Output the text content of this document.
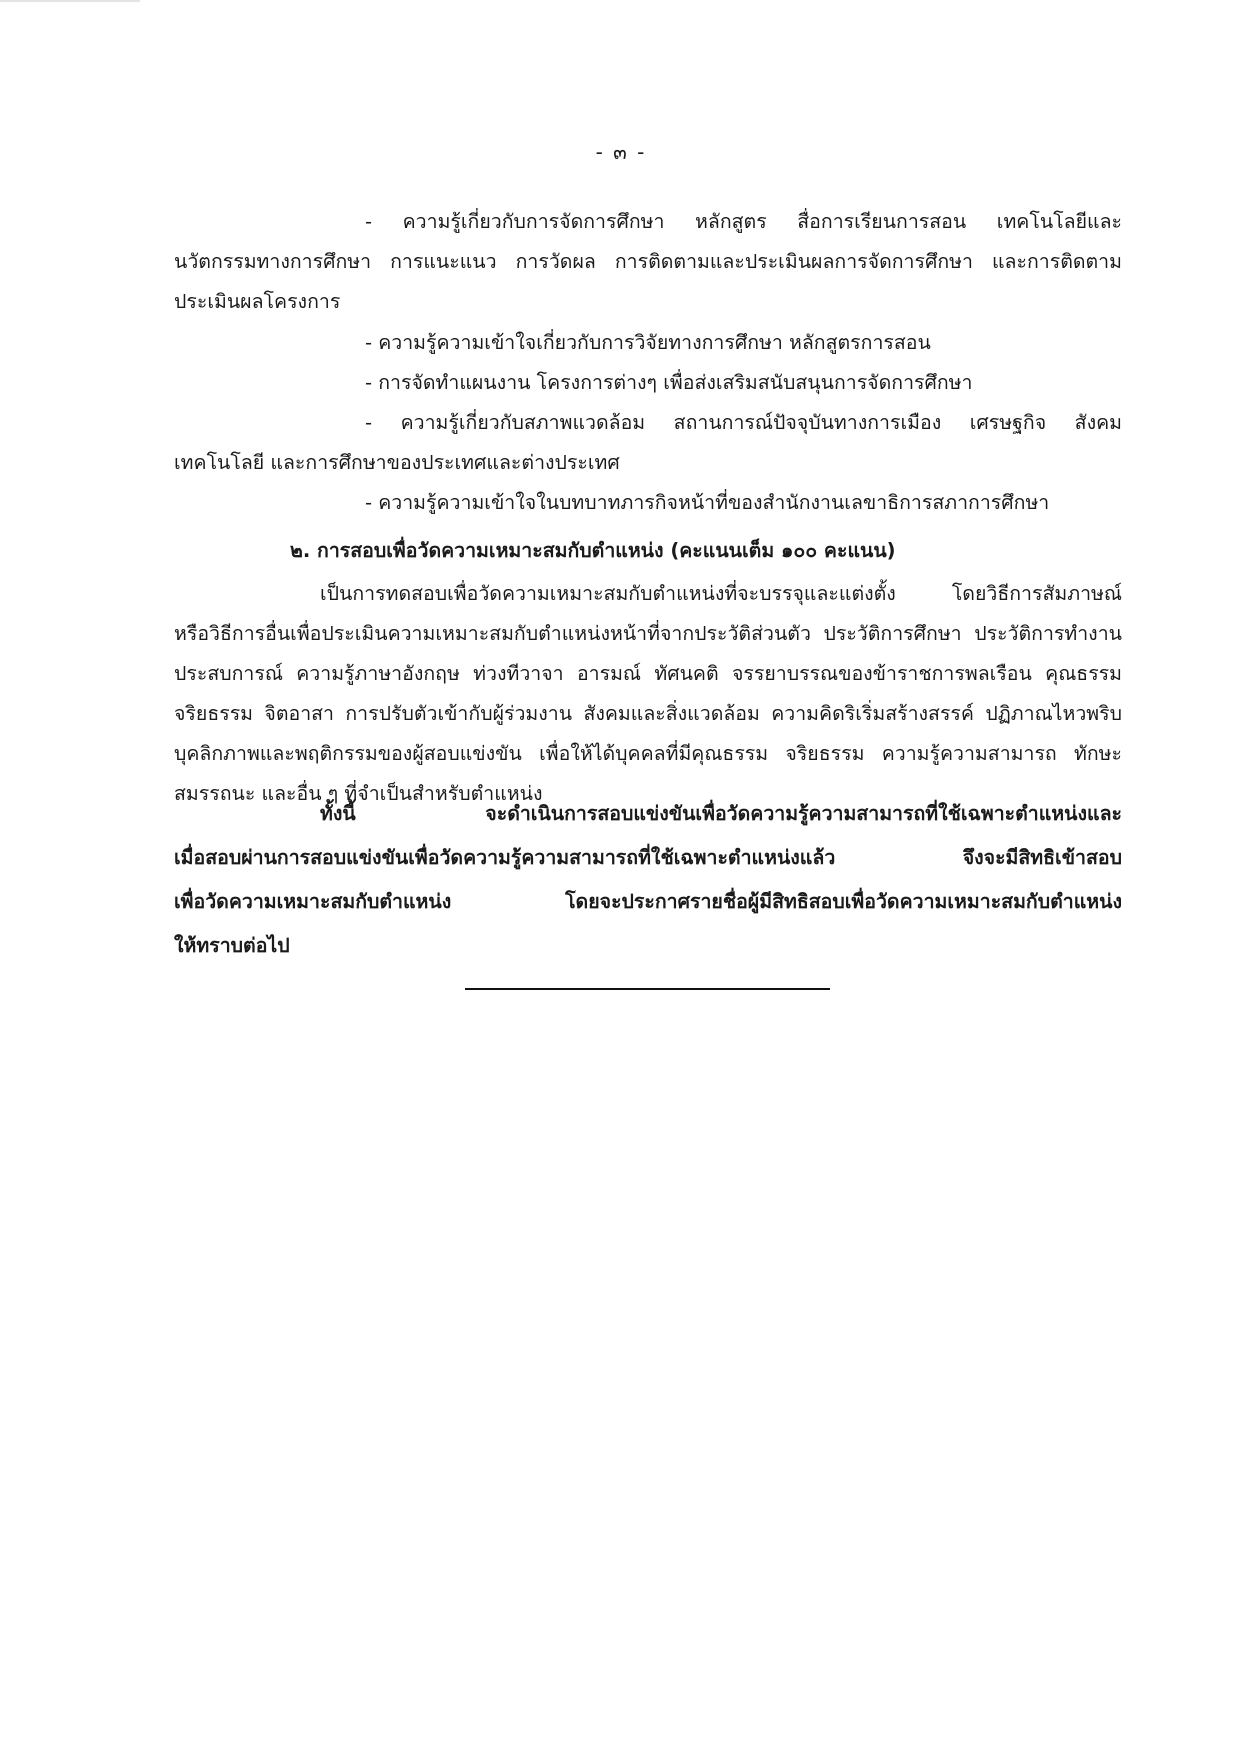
- ๓ -
- ความรู้เกี่ยวกับการจัดการศึกษา หลักสูตร สื่อการเรียนการสอน เทคโนโลยีและ
นวัตกรรมทางการศึกษา การแนะแนว การวัดผล การติดตามและประเมินผลการจัดการศึกษา และการติดตาม
ประเมินผลโครงการ
- ความรู้ความเข้าใจเกี่ยวกับการวิจัยทางการศึกษา หลักสูตรการสอน
- การจัดทำแผนงาน โครงการต่างๆ เพื่อส่งเสริมสนับสนุนการจัดการศึกษา
- ความรู้เกี่ยวกับสภาพแวดล้อม สถานการณ์ปัจจุบันทางการเมือง เศรษฐกิจ สังคม
เทคโนโลยี และการศึกษาของประเทศและต่างประเทศ
- ความรู้ความเข้าใจในบทบาทภารกิจหน้าที่ของสำนักงานเลขาธิการสภาการศึกษา
๒. การสอบเพื่อวัดความเหมาะสมกับตำแหน่ง (คะแนนเต็ม ๑๐๐ คะแนน)
เป็นการทดสอบเพื่อวัดความเหมาะสมกับตำแหน่งที่จะบรรจุและแต่งตั้ง โดยวิธีการสัมภาษณ์
หรือวิธีการอื่นเพื่อประเมินความเหมาะสมกับตำแหน่งหน้าที่จากประวัติส่วนตัว ประวัติการศึกษา ประวัติการทำงาน
ประสบการณ์ ความรู้ภาษาอังกฤษ ท่วงทีวาจา อารมณ์ ทัศนคติ จรรยาบรรณของข้าราชการพลเรือน คุณธรรม
จริยธรรม จิตอาสา การปรับตัวเข้ากับผู้ร่วมงาน สังคมและสิ่งแวดล้อม ความคิดริเริ่มสร้างสรรค์ ปฏิภาณไหวพริบ
บุคลิกภาพและพฤติกรรมของผู้สอบแข่งขัน เพื่อให้ได้บุคคลที่มีคุณธรรม จริยธรรม ความรู้ความสามารถ ทักษะ
สมรรถนะ และอื่น ๆ ที่จำเป็นสำหรับตำแหน่ง
ทั้งนี้ จะดำเนินการสอบแข่งขันเพื่อวัดความรู้ความสามารถที่ใช้เฉพาะตำแหน่งและ
เมื่อสอบผ่านการสอบแข่งขันเพื่อวัดความรู้ความสามารถที่ใช้เฉพาะตำแหน่งแล้ว จึงจะมีสิทธิเข้าสอบ
เพื่อวัดความเหมาะสมกับตำแหน่ง โดยจะประกาศรายชื่อผู้มีสิทธิสอบเพื่อวัดความเหมาะสมกับตำแหน่ง
ให้ทราบต่อไป
